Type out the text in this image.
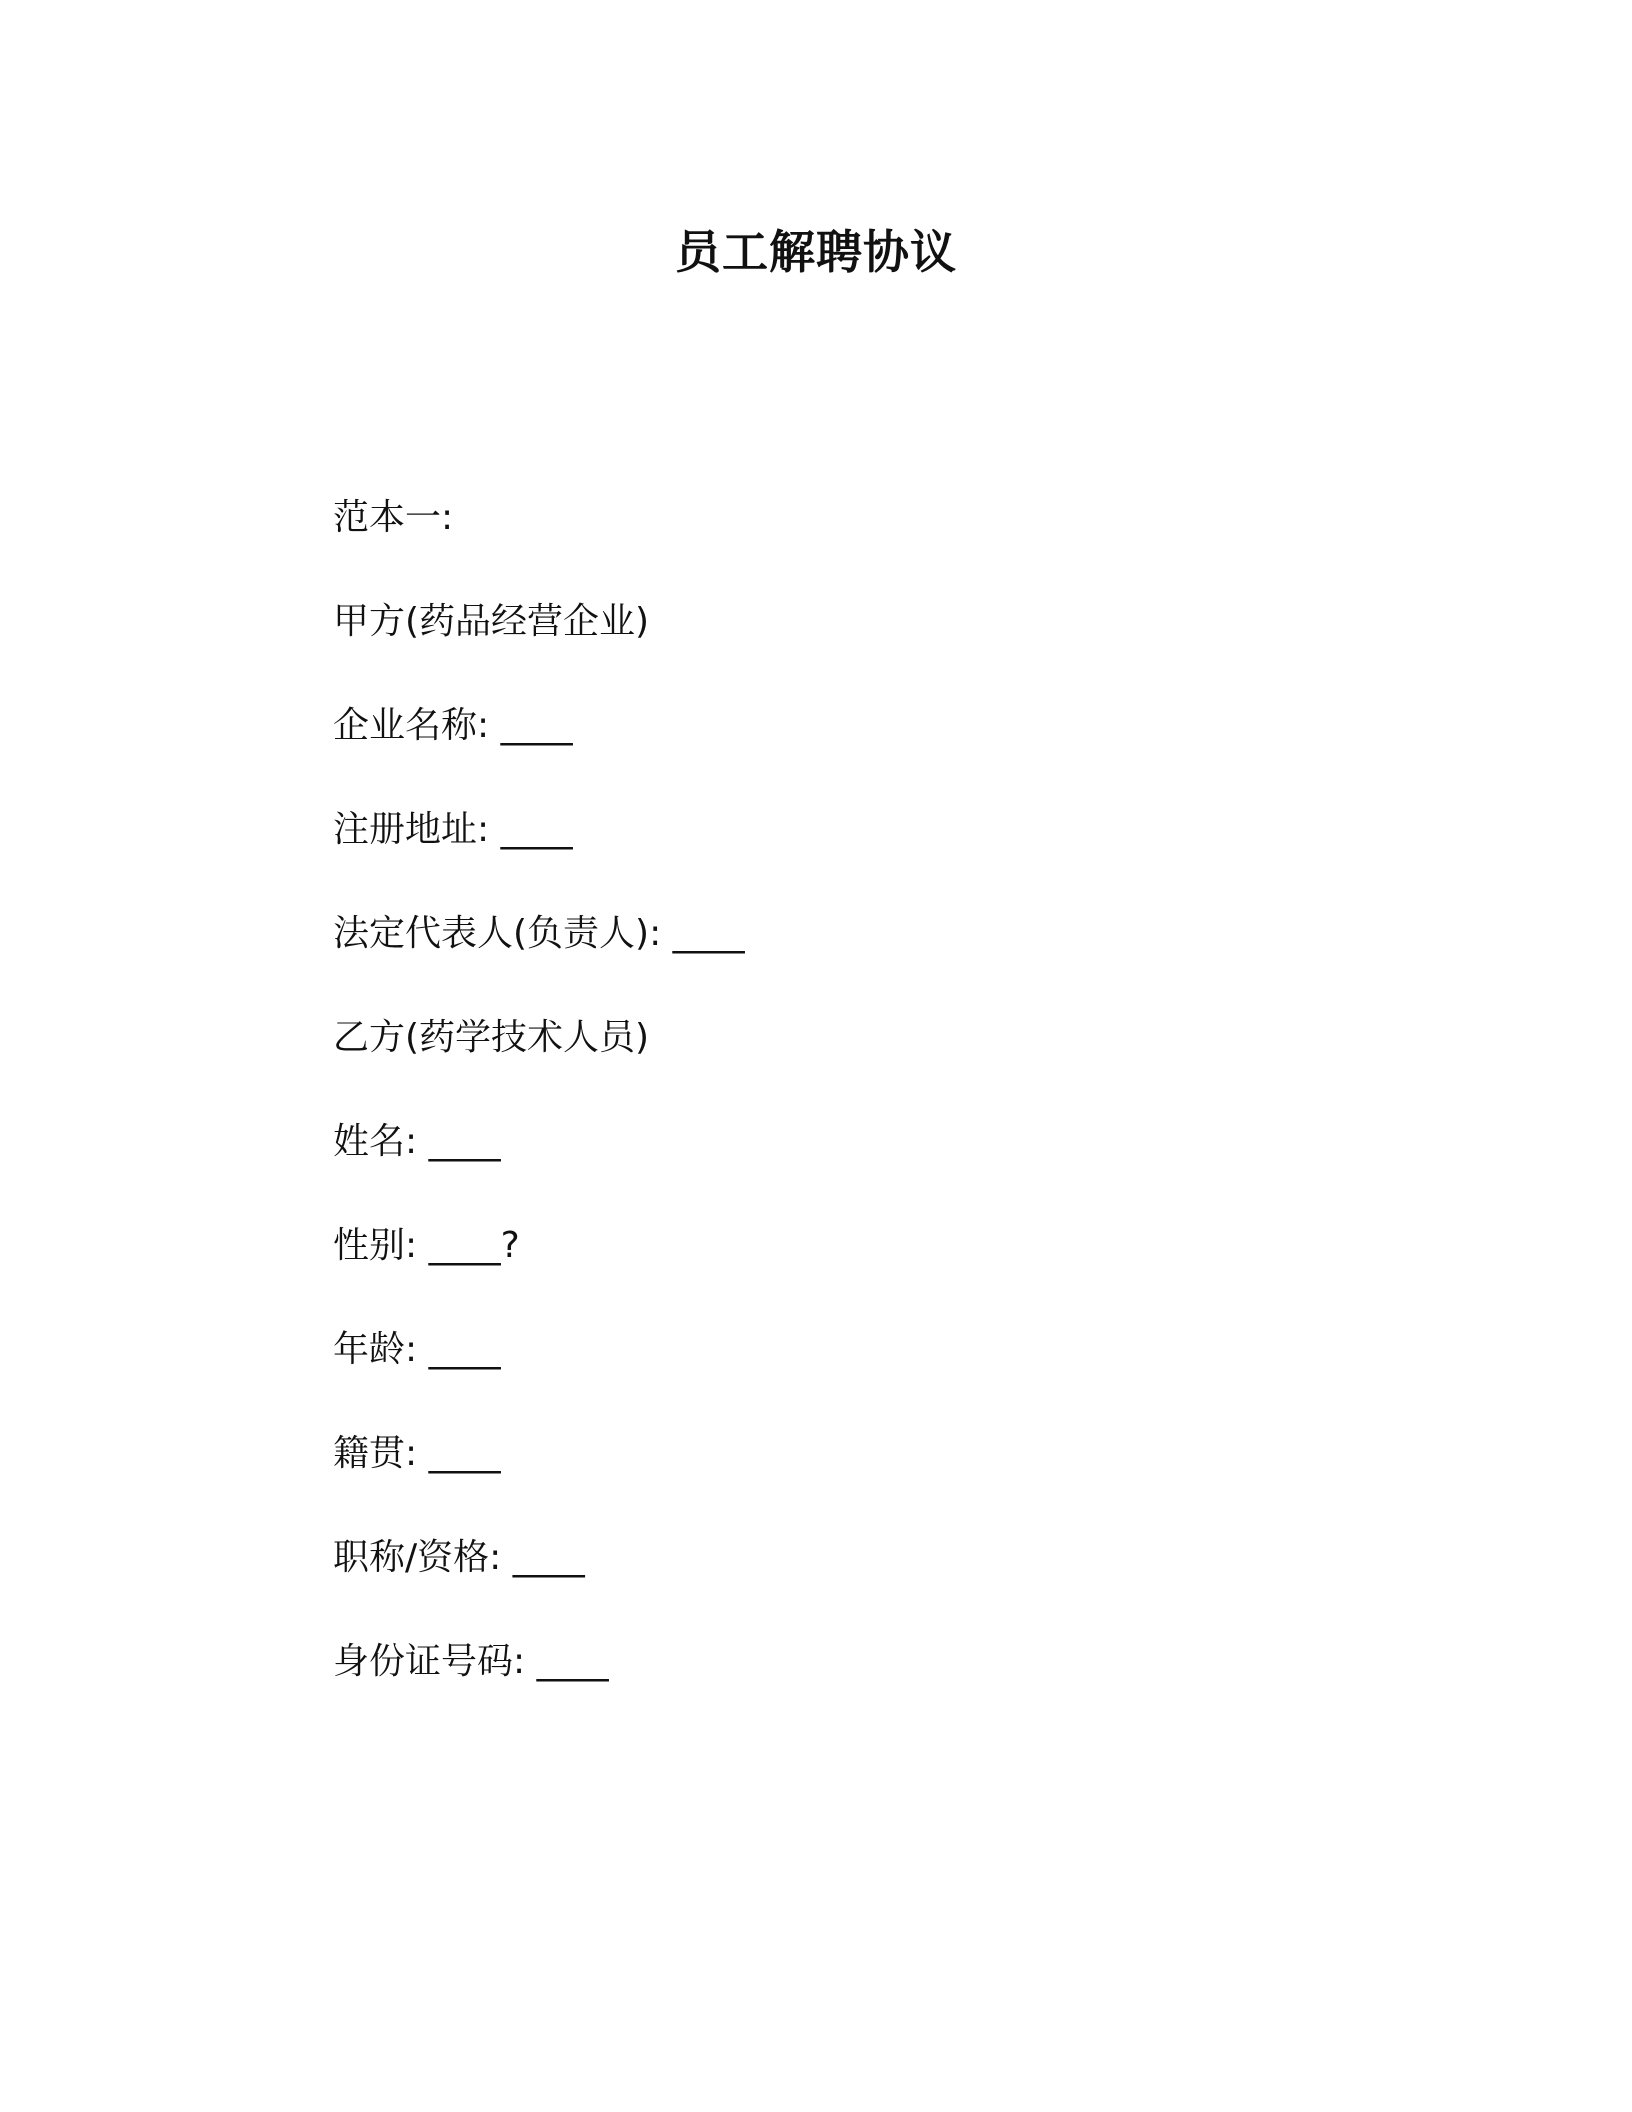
员工解聘协议
范本一:
甲方(药品经营企业)
企业名称: ____
注册地址: ____
法定代表人(负责人): ____
乙方(药学技术人员)
姓名: ____
性别: ____?
年龄: ____
籍贯: ____
职称/资格: ____
身份证号码: ____
